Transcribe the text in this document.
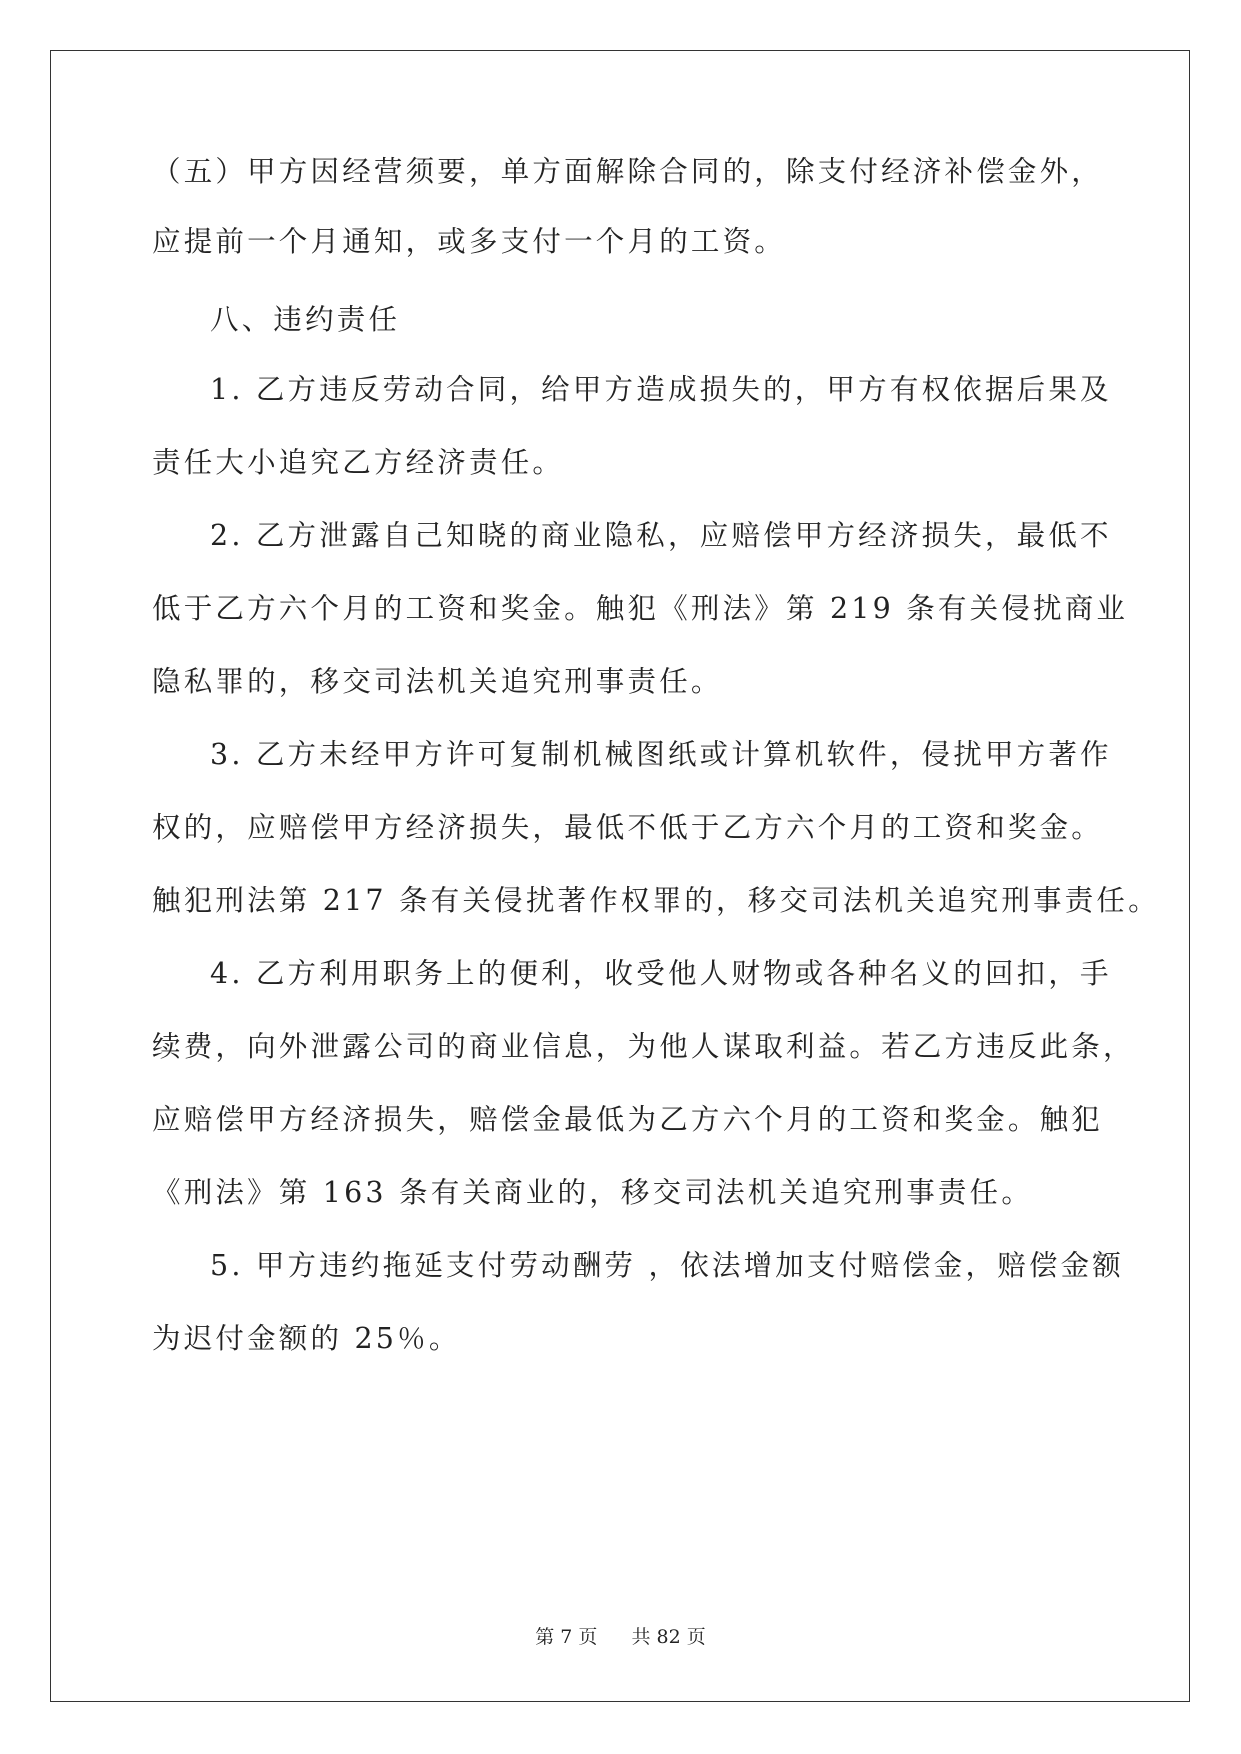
（五）甲方因经营须要，单方面解除合同的，除支付经济补偿金外，
应提前一个月通知，或多支付一个月的工资。
八、违约责任
1. 乙方违反劳动合同，给甲方造成损失的，甲方有权依据后果及
责任大小追究乙方经济责任。
2. 乙方泄露自己知晓的商业隐私，应赔偿甲方经济损失，最低不
低于乙方六个月的工资和奖金。触犯《刑法》第 219 条有关侵扰商业
隐私罪的，移交司法机关追究刑事责任。
3. 乙方未经甲方许可复制机械图纸或计算机软件，侵扰甲方著作
权的，应赔偿甲方经济损失，最低不低于乙方六个月的工资和奖金。
触犯刑法第 217 条有关侵扰著作权罪的，移交司法机关追究刑事责任。
4. 乙方利用职务上的便利，收受他人财物或各种名义的回扣，手
续费，向外泄露公司的商业信息，为他人谋取利益。若乙方违反此条，
应赔偿甲方经济损失，赔偿金最低为乙方六个月的工资和奖金。触犯
《刑法》第 163 条有关商业的，移交司法机关追究刑事责任。
5. 甲方违约拖延支付劳动酬劳 ，依法增加支付赔偿金，赔偿金额
为迟付金额的 25％。
第 7 页 共 82 页
